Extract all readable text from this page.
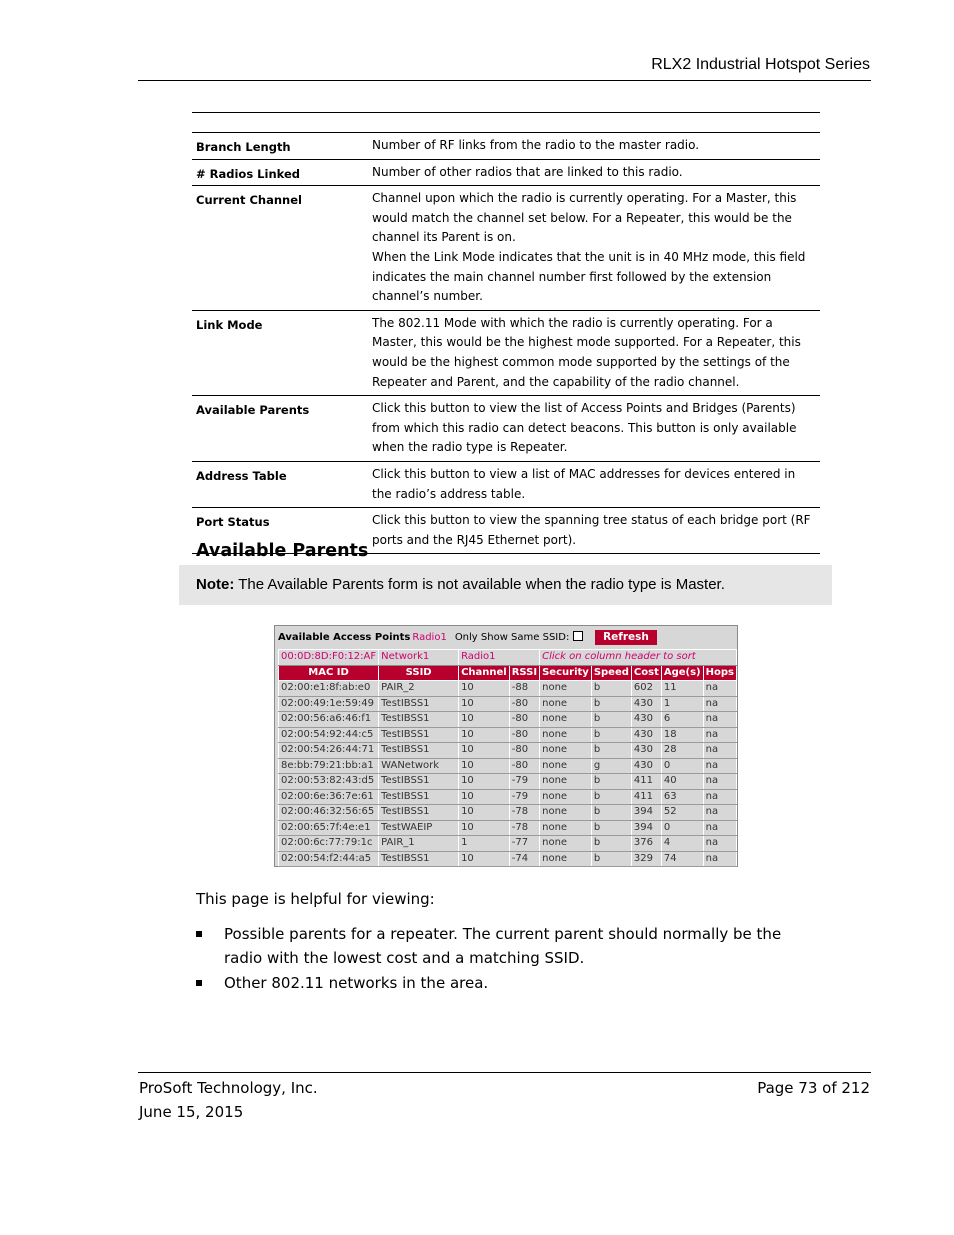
RLX2 Industrial Hotspot Series

Branch Length	Number of RF links from the radio to the master radio.

# Radios Linked	Number of other radios that are linked to this radio.

Current Channel	Channel upon which the radio is currently operating. For a Master, this would match the channel set below. For a Repeater, this would be the channel its Parent is on.
When the Link Mode indicates that the unit is in 40 MHz mode, this field indicates the main channel number first followed by the extension channel’s number.

Link Mode	The 802.11 Mode with which the radio is currently operating. For a Master, this would be the highest mode supported. For a Repeater, this would be the highest common mode supported by the settings of the Repeater and Parent, and the capability of the radio channel.

Available Parents	Click this button to view the list of Access Points and Bridges (Parents) from which this radio can detect beacons. This button is only available when the radio type is Repeater.

Address Table	Click this button to view a list of MAC addresses for devices entered in the radio’s address table.

Port Status	Click this button to view the spanning tree status of each bridge port (RF ports and the RJ45 Ethernet port).
Available Parents
Note: The Available Parents form is not available when the radio type is Master.
Available Access Points Radio1 Only Show Same SSID:	Refresh
00:0D:8D:F0:12:AF	Network1	Radio1		Click on column header to sort				
MAC ID	SSID	Channel	RSSI	Security	Speed	Cost	Age(s)	Hops
02:00:e1:8f:ab:e0	PAIR_2	10	-88	none	b	602	11	na
02:00:49:1e:59:49	TestIBSS1	10	-80	none	b	430	1	na
02:00:56:a6:46:f1	TestIBSS1	10	-80	none	b	430	6	na
02:00:54:92:44:c5	TestIBSS1	10	-80	none	b	430	18	na
02:00:54:26:44:71	TestIBSS1	10	-80	none	b	430	28	na
8e:bb:79:21:bb:a1	WANetwork	10	-80	none	g	430	0	na
02:00:53:82:43:d5	TestIBSS1	10	-79	none	b	411	40	na
02:00:6e:36:7e:61	TestIBSS1	10	-79	none	b	411	63	na
02:00:46:32:56:65	TestIBSS1	10	-78	none	b	394	52	na
02:00:65:7f:4e:e1	TestWAEIP	10	-78	none	b	394	0	na
02:00:6c:77:79:1c	PAIR_1	1	-77	none	b	376	4	na
02:00:54:f2:44:a5	TestIBSS1	10	-74	none	b	329	74	na
This page is helpful for viewing:
Possible parents for a repeater. The current parent should normally be the radio with the lowest cost and a matching SSID.
Other 802.11 networks in the area.
ProSoft Technology, Inc.
June 15, 2015
Page 73 of 212
